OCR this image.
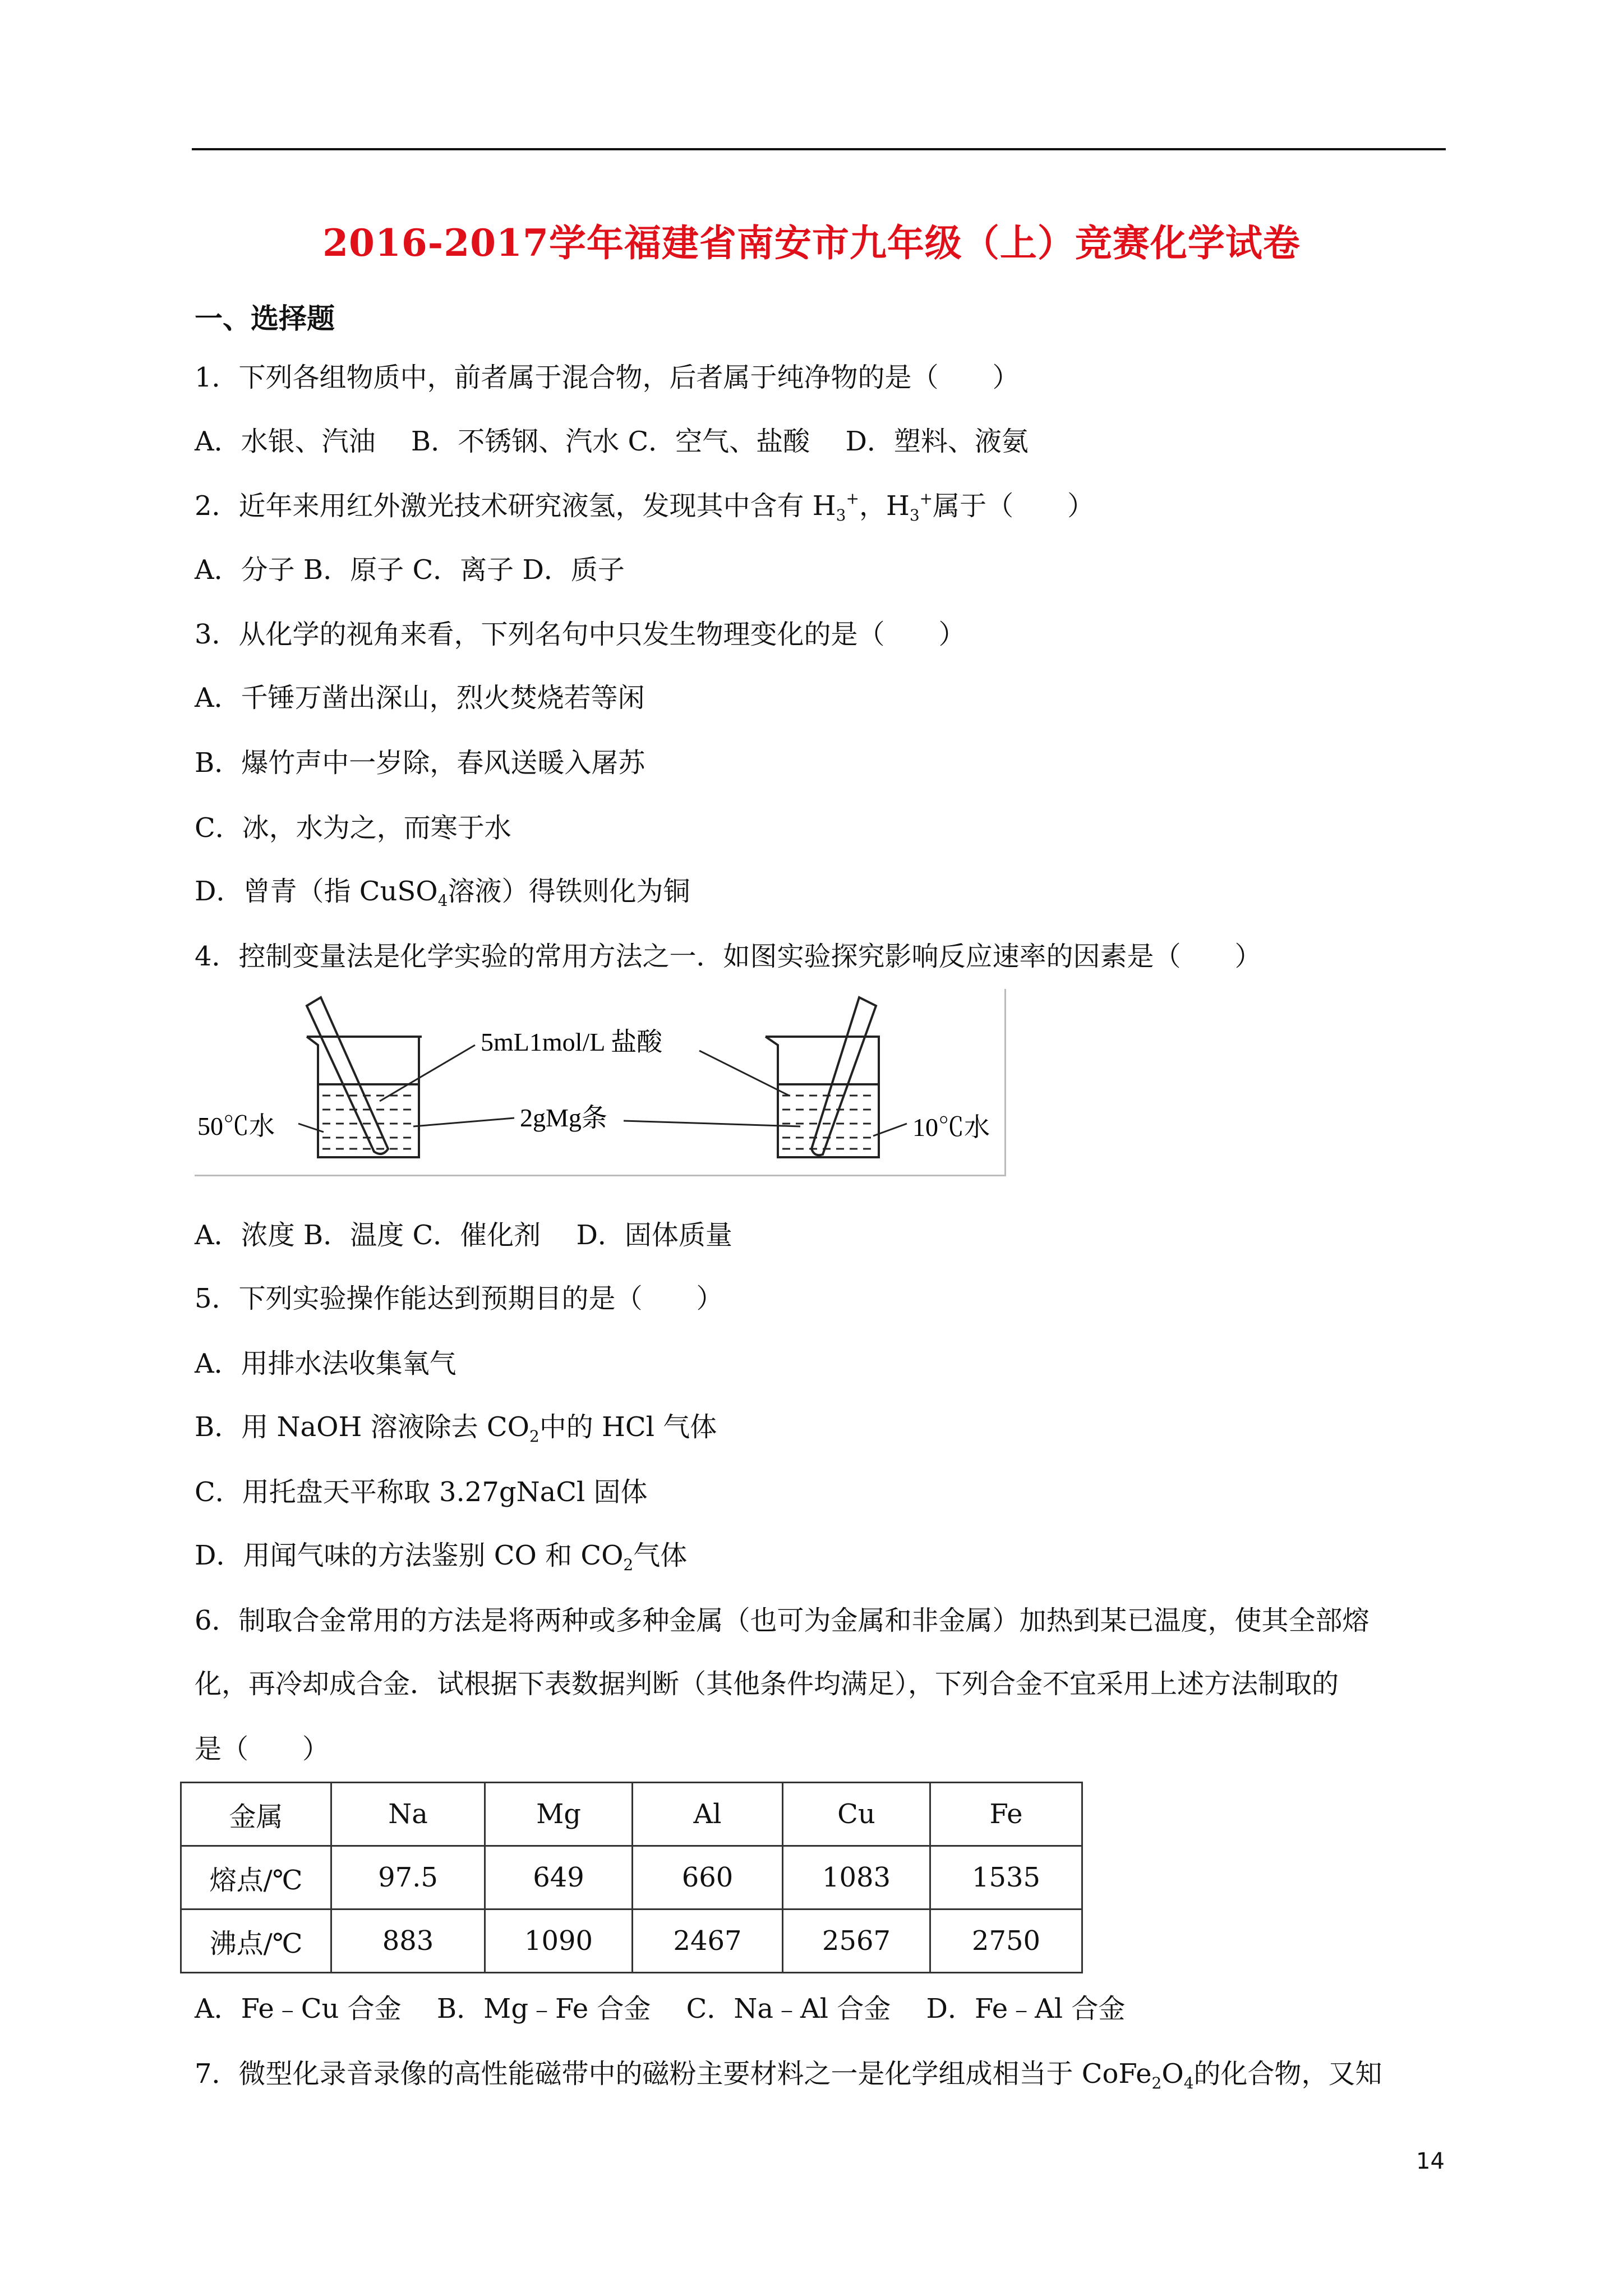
2016-2017学年福建省南安市九年级（上）竞赛化学试卷
一、选择题
1．下列各组物质中，前者属于混合物，后者属于纯净物的是（　　）
A．水银、汽油　 B．不锈钢、汽水 C．空气、盐酸　 D．塑料、液氨
2．近年来用红外激光技术研究液氢，发现其中含有 $H_3^+$，$H_3^+$属于（　　）
A．分子 B．原子 C．离子 D．质子
3．从化学的视角来看，下列名句中只发生物理变化的是（　　）
A．千锤万凿出深山，烈火焚烧若等闲
B．爆竹声中一岁除，春风送暖入屠苏
C．冰，水为之，而寒于水
D．曾青（指 CuSO$_4$溶液）得铁则化为铜
4．控制变量法是化学实验的常用方法之一．如图实验探究影响反应速率的因素是（　　）
5mL1mol/L 盐酸
2gMg条
50℃水	10℃水
A．浓度 B．温度 C．催化剂　 D．固体质量
5．下列实验操作能达到预期目的是（　　）
A．用排水法收集氧气
B．用 NaOH 溶液除去 $CO_2$中的 HCl 气体
C．用托盘天平称取 3.27gNaCl 固体
D．用闻气味的方法鉴别 CO 和 $CO_2$气体
6．制取合金常用的方法是将两种或多种金属（也可为金属和非金属）加热到某已温度，使其全部熔
化，再冷却成合金．试根据下表数据判断（其他条件均满足），下列合金不宜采用上述方法制取的
是（　　）
金属	Na	Mg	Al	Cu	Fe
熔点/℃	97.5	649	660	1083	1535
沸点/℃	883	1090	2467	2567	2750
A．Fe﹣Cu 合金　 B．Mg﹣Fe 合金　 C．Na﹣Al 合金　 D．Fe﹣Al 合金
7．微型化录音录像的高性能磁带中的磁粉主要材料之一是化学组成相当于 $CoFe_2O_4$的化合物，又知
14
